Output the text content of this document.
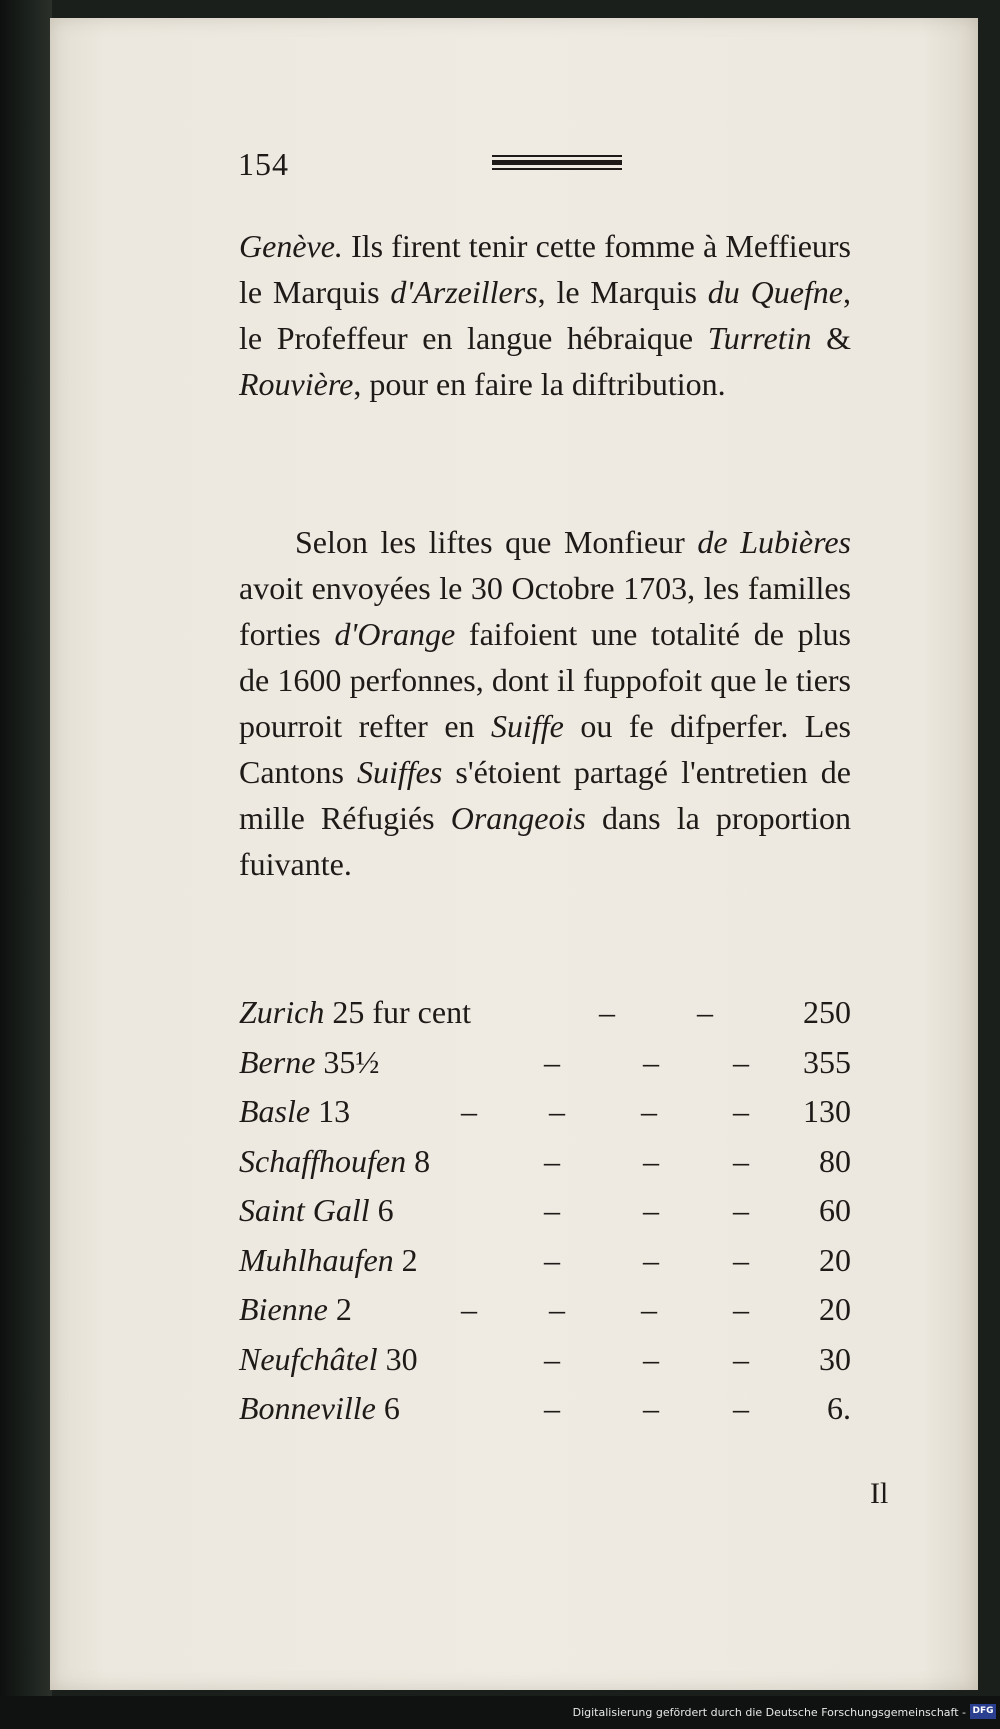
154
Genève. Ils firent tenir cette fomme à Meffieurs le Marquis d'Arzeillers, le Marquis du Quefne, le Profeffeur en langue hébraique Turretin & Rouvière, pour en faire la diftribution.
Selon les liftes que Monfieur de Lubières avoit envoyées le 30 Octobre 1703, les familles forties d'Orange faifoient une totalité de plus de 1600 perfonnes, dont il fuppofoit que le tiers pourroit refter en Suiffe ou fe difperfer. Les Cantons Suiffes s'étoient partagé l'entretien de mille Réfugiés Orangeois dans la proportion fuivante.
Zurich 25 fur cent	–	–	250
Berne 35½	–	– – 355
Basle 13	– – – – 130
Schaffhoufen 8	–	– – 80
Saint Gall 6	–	– – 60
Muhlhaufen 2	–	– – 20
Bienne 2	– – – – 20
Neufchâtel 30	–	– – 30
Bonneville 6	–	– – 6.
Il
Digitalisierung gefördert durch die Deutsche Forschungsgemeinschaft - DFG
